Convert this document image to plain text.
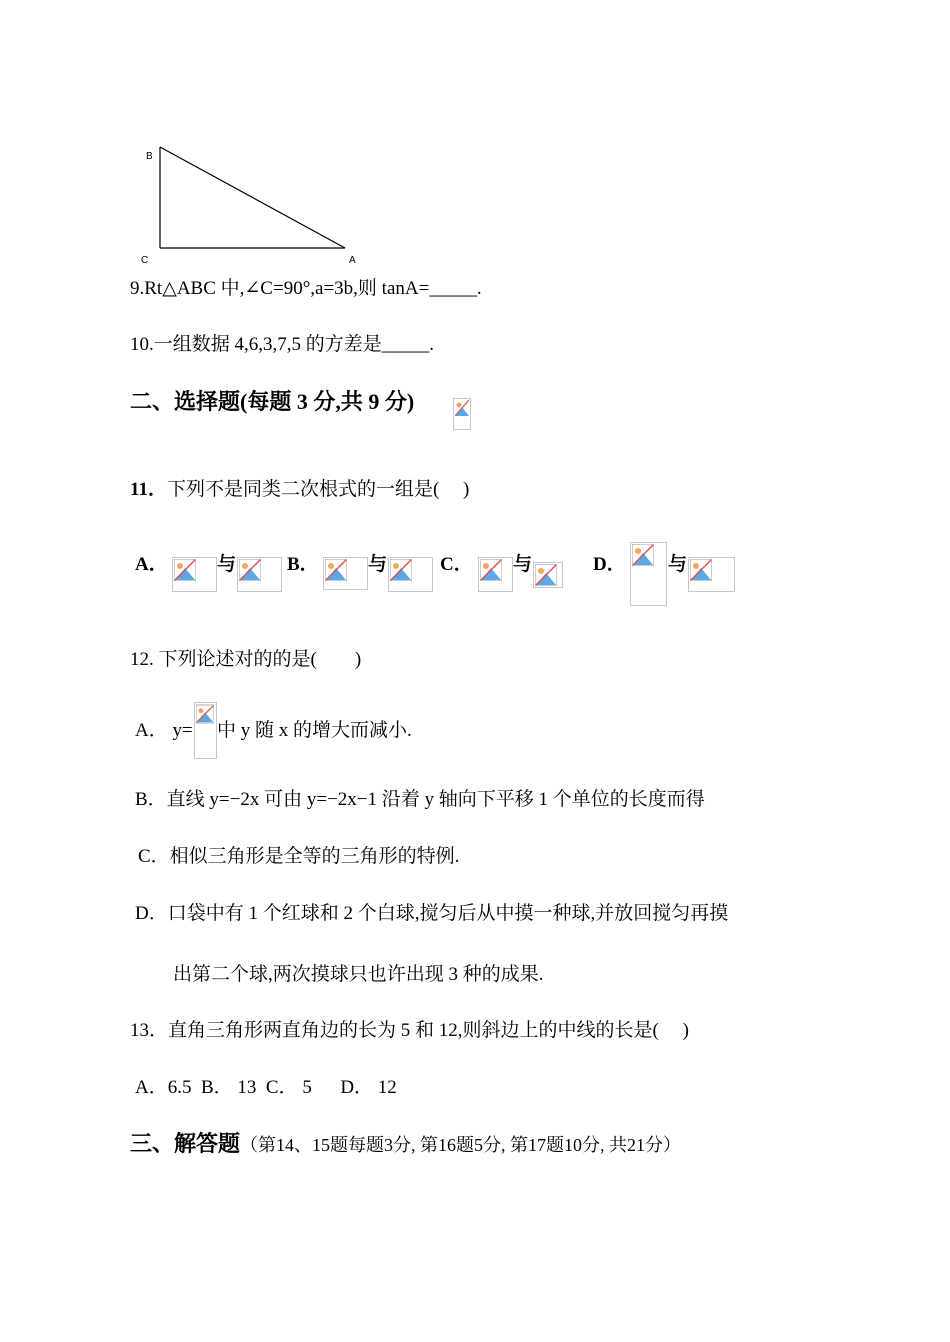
B
C	A
9.Rt△ABC 中,∠C=90°,a=3b,则 tanA=_____.
10.一组数据 4,6,3,7,5 的方差是_____.
二、选择题(每题 3 分,共 9 分)
11．下列不是同类二次根式的一组是(　 )
A．	与	B．	与	C． 与	D． 与
12. 下列论述对的的是(　　)
A． y= 中 y 随 x 的增大而减小.
B．直线 y=−2x 可由 y=−2x−1 沿着 y 轴向下平移 1 个单位的长度而得
C．相似三角形是全等的三角形的特例.
D．口袋中有 1 个红球和 2 个白球,搅匀后从中摸一种球,并放回搅匀再摸
出第二个球,两次摸球只也许出现 3 种的成果.
13．直角三角形两直角边的长为 5 和 12,则斜边上的中线的长是(　 )
A．6.5  B． 13  C． 5 　 D． 12
三、解答题（第14、15题每题3分, 第16题5分, 第17题10分, 共21分）
